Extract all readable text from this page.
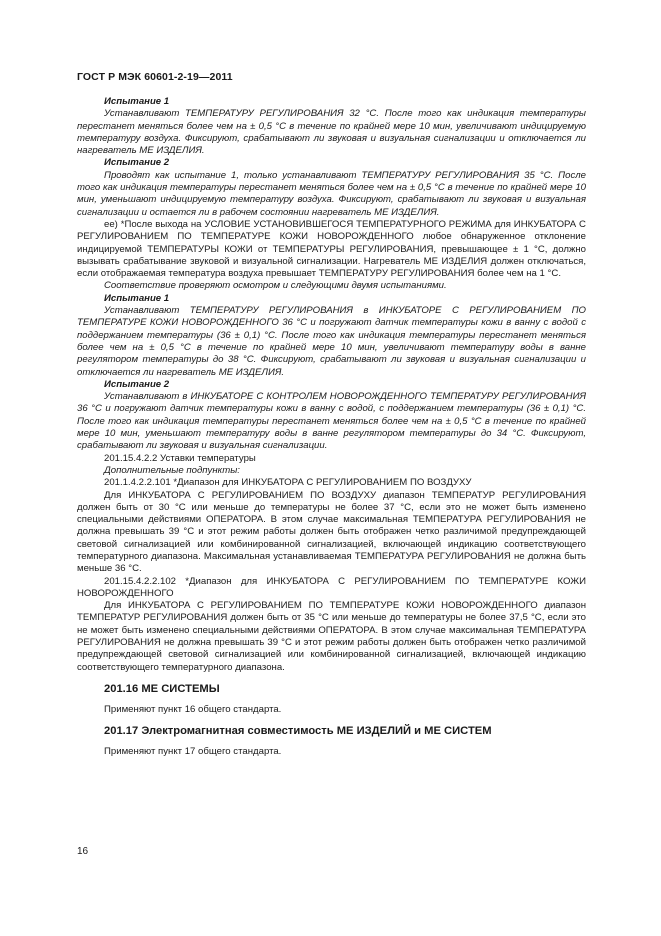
ГОСТ Р МЭК 60601-2-19—2011

Испытание 1

Устанавливают ТЕМПЕРАТУРУ РЕГУЛИРОВАНИЯ 32 °С. После того как индикация температуры перестанет меняться более чем на ± 0,5 °С в течение по крайней мере 10 мин, увеличивают индицируемую температуру воздуха. Фиксируют, срабатывают ли звуковая и визуальная сигнализации и отключается ли нагреватель МЕ ИЗДЕЛИЯ.

Испытание 2

Проводят как испытание 1, только устанавливают ТЕМПЕРАТУРУ РЕГУЛИРОВАНИЯ 35 °С. После того как индикация температуры перестанет меняться более чем на ± 0,5 °С в течение по крайней мере 10 мин, уменьшают индицируемую температуру воздуха. Фиксируют, срабатывают ли звуковая и визуальная сигнализации и остается ли в рабочем состоянии нагреватель МЕ ИЗДЕЛИЯ.

ее) *После выхода на УСЛОВИЕ УСТАНОВИВШЕГОСЯ ТЕМПЕРАТУРНОГО РЕЖИМА для ИНКУБАТОРА С РЕГУЛИРОВАНИЕМ ПО ТЕМПЕРАТУРЕ КОЖИ НОВОРОЖДЕННОГО любое обнаруженное отклонение индицируемой ТЕМПЕРАТУРЫ КОЖИ от ТЕМПЕРАТУРЫ РЕГУЛИРОВАНИЯ, превышающее ± 1 °С, должно вызывать срабатывание звуковой и визуальной сигнализации. Нагреватель МЕ ИЗДЕЛИЯ должен отключаться, если отображаемая температура воздуха превышает ТЕМПЕРАТУРУ РЕГУЛИРОВАНИЯ более чем на 1 °С.

Соответствие проверяют осмотром и следующими двумя испытаниями.

Испытание 1

Устанавливают ТЕМПЕРАТУРУ РЕГУЛИРОВАНИЯ в ИНКУБАТОРЕ С РЕГУЛИРОВАНИЕМ ПО ТЕМПЕРАТУРЕ КОЖИ НОВОРОЖДЕННОГО 36 °С и погружают датчик температуры кожи в ванну с водой с поддержанием температуры (36 ± 0,1) °С. После того как индикация температуры перестанет меняться более чем на ± 0,5 °С в течение по крайней мере 10 мин, увеличивают температуру воды в ванне регулятором температуры до 38 °С. Фиксируют, срабатывают ли звуковая и визуальная сигнализации и отключается ли нагреватель МЕ ИЗДЕЛИЯ.

Испытание 2

Устанавливают в ИНКУБАТОРЕ С КОНТРОЛЕМ НОВОРОЖДЕННОГО ТЕМПЕРАТУРУ РЕГУЛИРОВАНИЯ 36 °С и погружают датчик температуры кожи в ванну с водой, с поддержанием температуры (36 ± 0,1) °С. После того как индикация температуры перестанет меняться более чем на ± 0,5 °С в течение по крайней мере 10 мин, уменьшают температуру воды в ванне регулятором температуры до 34 °С. Фиксируют, срабатывают ли звуковая и визуальная сигнализации.

201.15.4.2.2 Уставки температуры

Дополнительные подпункты:

201.1.4.2.2.101 *Диапазон для ИНКУБАТОРА С РЕГУЛИРОВАНИЕМ ПО ВОЗДУХУ

Для ИНКУБАТОРА С РЕГУЛИРОВАНИЕМ ПО ВОЗДУХУ диапазон ТЕМПЕРАТУР РЕГУЛИРОВАНИЯ должен быть от 30 °С или меньше до температуры не более 37 °С, если это не может быть изменено специальными действиями ОПЕРАТОРА. В этом случае максимальная ТЕМПЕРАТУРА РЕГУЛИРОВАНИЯ не должна превышать 39 °С и этот режим работы должен быть отображен четко различимой предупреждающей световой сигнализацией или комбинированной сигнализацией, включающей индикацию соответствующего температурного диапазона. Максимальная устанавливаемая ТЕМПЕРАТУРА РЕГУЛИРОВАНИЯ не должна быть меньше 36 °С.

201.15.4.2.2.102 *Диапазон для ИНКУБАТОРА С РЕГУЛИРОВАНИЕМ ПО ТЕМПЕРАТУРЕ КОЖИ НОВОРОЖДЕННОГО

Для ИНКУБАТОРА С РЕГУЛИРОВАНИЕМ ПО ТЕМПЕРАТУРЕ КОЖИ НОВОРОЖДЕННОГО диапазон ТЕМПЕРАТУР РЕГУЛИРОВАНИЯ должен быть от 35 °С или меньше до температуры не более 37,5 °С, если это не может быть изменено специальными действиями ОПЕРАТОРА. В этом случае максимальная ТЕМПЕРАТУРА РЕГУЛИРОВАНИЯ не должна превышать 39 °С и этот режим работы должен быть отображен четко различимой предупреждающей световой сигнализацией или комбинированной сигнализацией, включающей индикацию соответствующего температурного диапазона.

201.16 МЕ СИСТЕМЫ

Применяют пункт 16 общего стандарта.

201.17 Электромагнитная совместимость МЕ ИЗДЕЛИЙ и МЕ СИСТЕМ

Применяют пункт 17 общего стандарта.

16
